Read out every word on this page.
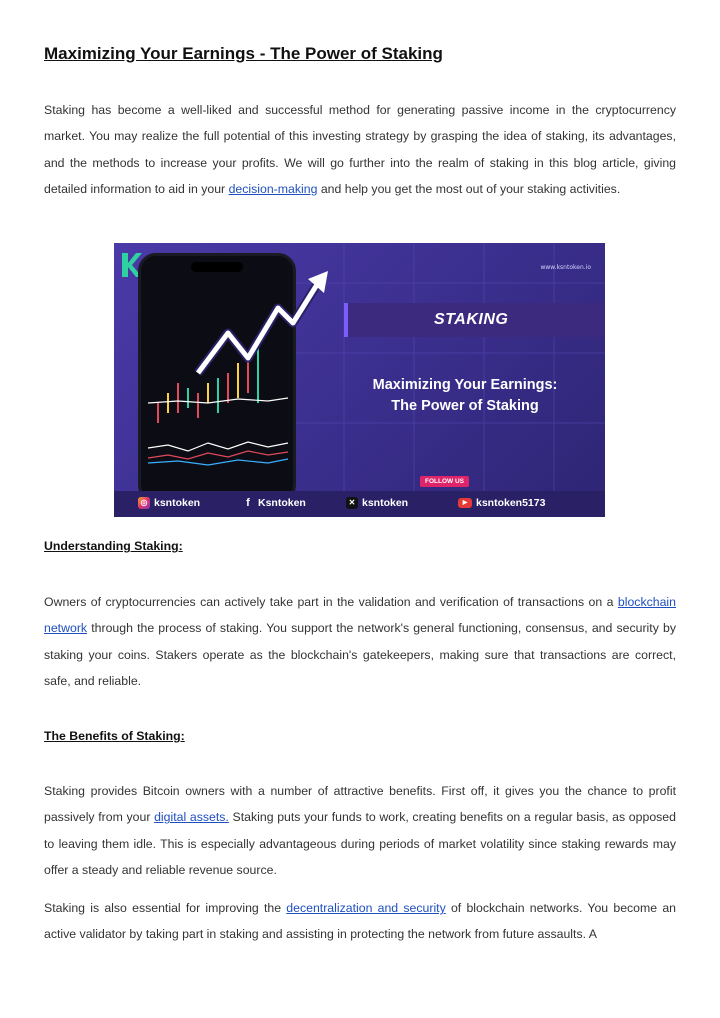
Maximizing Your Earnings - The Power of Staking

Staking has become a well-liked and successful method for generating passive income in the cryptocurrency market. You may realize the full potential of this investing strategy by grasping the idea of staking, its advantages, and the methods to increase your profits. We will go further into the realm of staking in this blog article, giving detailed information to aid in your decision-making and help you get the most out of your staking activities.

www.ksntoken.io
STAKING
Maximizing Your Earnings:
The Power of Staking
FOLLOW US
◎ ksntoken	f Ksntoken	✕ ksntoken	▶ ksntoken5173
Understanding Staking:

Owners of cryptocurrencies can actively take part in the validation and verification of transactions on a blockchain network through the process of staking. You support the network's general functioning, consensus, and security by staking your coins. Stakers operate as the blockchain's gatekeepers, making sure that transactions are correct, safe, and reliable.

The Benefits of Staking:

Staking provides Bitcoin owners with a number of attractive benefits. First off, it gives you the chance to profit passively from your digital assets. Staking puts your funds to work, creating benefits on a regular basis, as opposed to leaving them idle. This is especially advantageous during periods of market volatility since staking rewards may offer a steady and reliable revenue source.

Staking is also essential for improving the decentralization and security of blockchain networks. You become an active validator by taking part in staking and assisting in protecting the network from future assaults. A
